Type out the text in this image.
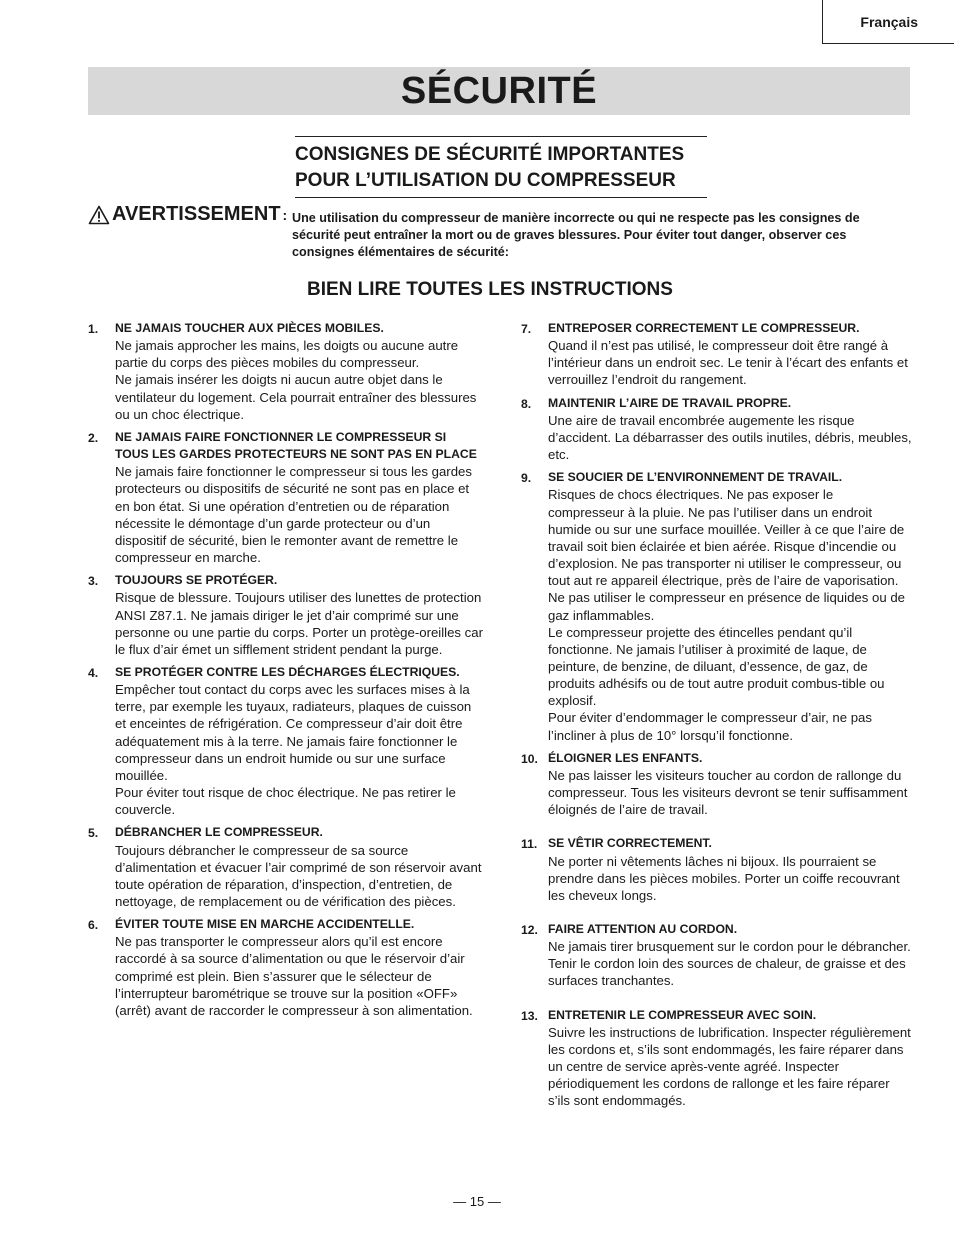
Français
SÉCURITÉ
CONSIGNES DE SÉCURITÉ IMPORTANTES
POUR L’UTILISATION DU COMPRESSEUR
AVERTISSEMENT : Une utilisation du compresseur de manière incorrecte ou qui ne respecte pas les consignes de sécurité peut entraîner la mort ou de graves blessures. Pour éviter tout danger, observer ces consignes élémentaires de sécurité:
BIEN LIRE TOUTES LES INSTRUCTIONS
1. NE JAMAIS TOUCHER AUX PIÈCES MOBILES.

Ne jamais approcher les mains, les doigts ou aucune autre partie du corps des pièces mobiles du compresseur.

Ne jamais insérer les doigts ni aucun autre objet dans le ventilateur du logement. Cela pourrait entraîner des blessures ou un choc électrique.

2. NE JAMAIS FAIRE FONCTIONNER LE COMPRESSEUR SI TOUS LES GARDES PROTECTEURS NE SONT PAS EN PLACE

Ne jamais faire fonctionner le compresseur si tous les gardes protecteurs ou dispositifs de sécurité ne sont pas en place et en bon état. Si une opération d’entretien ou de réparation nécessite le démontage d’un garde protecteur ou d’un dispositif de sécurité, bien le remonter avant de remettre le compresseur en marche.

3. TOUJOURS SE PROTÉGER.

Risque de blessure. Toujours utiliser des lunettes de protection ANSI Z87.1. Ne jamais diriger le jet d’air comprimé sur une personne ou une partie du corps. Porter un protège-oreilles car le flux d’air émet un sifflement strident pendant la purge.

4. SE PROTÉGER CONTRE LES DÉCHARGES ÉLECTRIQUES.

Empêcher tout contact du corps avec les surfaces mises à la terre, par exemple les tuyaux, radiateurs, plaques de cuisson et enceintes de réfrigération. Ce compresseur d’air doit être adéquatement mis à la terre. Ne jamais faire fonctionner le compresseur dans un endroit humide ou sur une surface mouillée.

Pour éviter tout risque de choc électrique. Ne pas retirer le couvercle.

5. DÉBRANCHER LE COMPRESSEUR.

Toujours débrancher le compresseur de sa source d’alimentation et évacuer l’air comprimé de son réservoir avant toute opération de réparation, d’inspection, d’entretien, de nettoyage, de remplacement ou de vérification des pièces.

6. ÉVITER TOUTE MISE EN MARCHE ACCIDENTELLE.

Ne pas transporter le compresseur alors qu’il est encore raccordé à sa source d’alimentation ou que le réservoir d’air comprimé est plein. Bien s’assurer que le sélecteur de l’interrupteur barométrique se trouve sur la position «OFF» (arrêt) avant de raccorder le compresseur à son alimentation.

7. ENTREPOSER CORRECTEMENT LE COMPRESSEUR.

Quand il n’est pas utilisé, le compresseur doit être rangé à l’intérieur dans un endroit sec. Le tenir à l’écart des enfants et verrouillez l’endroit du rangement.

8. MAINTENIR L’AIRE DE TRAVAIL PROPRE.

Une aire de travail encombrée augemente les risque d’accident. La débarrasser des outils inutiles, débris, meubles, etc.

9. SE SOUCIER DE L’ENVIRONNEMENT DE TRAVAIL.

Risques de chocs électriques. Ne pas exposer le compresseur à la pluie. Ne pas l’utiliser dans un endroit humide ou sur une surface mouillée. Veiller à ce que l’aire de travail soit bien éclairée et bien aérée. Risque d’incendie ou d’explosion. Ne pas transporter ni utiliser le compresseur, ou tout aut re appareil électrique, près de l’aire de vaporisation. Ne pas utiliser le compresseur en présence de liquides ou de gaz inflammables.

Le compresseur projette des étincelles pendant qu’il fonctionne. Ne jamais l’utiliser à proximité de laque, de peinture, de benzine, de diluant, d’essence, de gaz, de produits adhésifs ou de tout autre produit combus-tible ou explosif.

Pour éviter d’endommager le compresseur d’air, ne pas l’incliner à plus de 10° lorsqu’il fonctionne.

10. ÉLOIGNER LES ENFANTS.

Ne pas laisser les visiteurs toucher au cordon de rallonge du compresseur. Tous les visiteurs devront se tenir suffisamment éloignés de l’aire de travail.

11. SE VÊTIR CORRECTEMENT.

Ne porter ni vêtements lâches ni bijoux. Ils pourraient se prendre dans les pièces mobiles. Porter un coiffe recouvrant les cheveux longs.

12. FAIRE ATTENTION AU CORDON.

Ne jamais tirer brusquement sur le cordon pour le débrancher. Tenir le cordon loin des sources de chaleur, de graisse et des surfaces tranchantes.

13. ENTRETENIR LE COMPRESSEUR AVEC SOIN.

Suivre les instructions de lubrification. Inspecter régulièrement les cordons et, s’ils sont endommagés, les faire réparer dans un centre de service après-vente agréé. Inspecter périodiquement les cordons de rallonge et les faire réparer s’ils sont endommagés.

— 15 —
